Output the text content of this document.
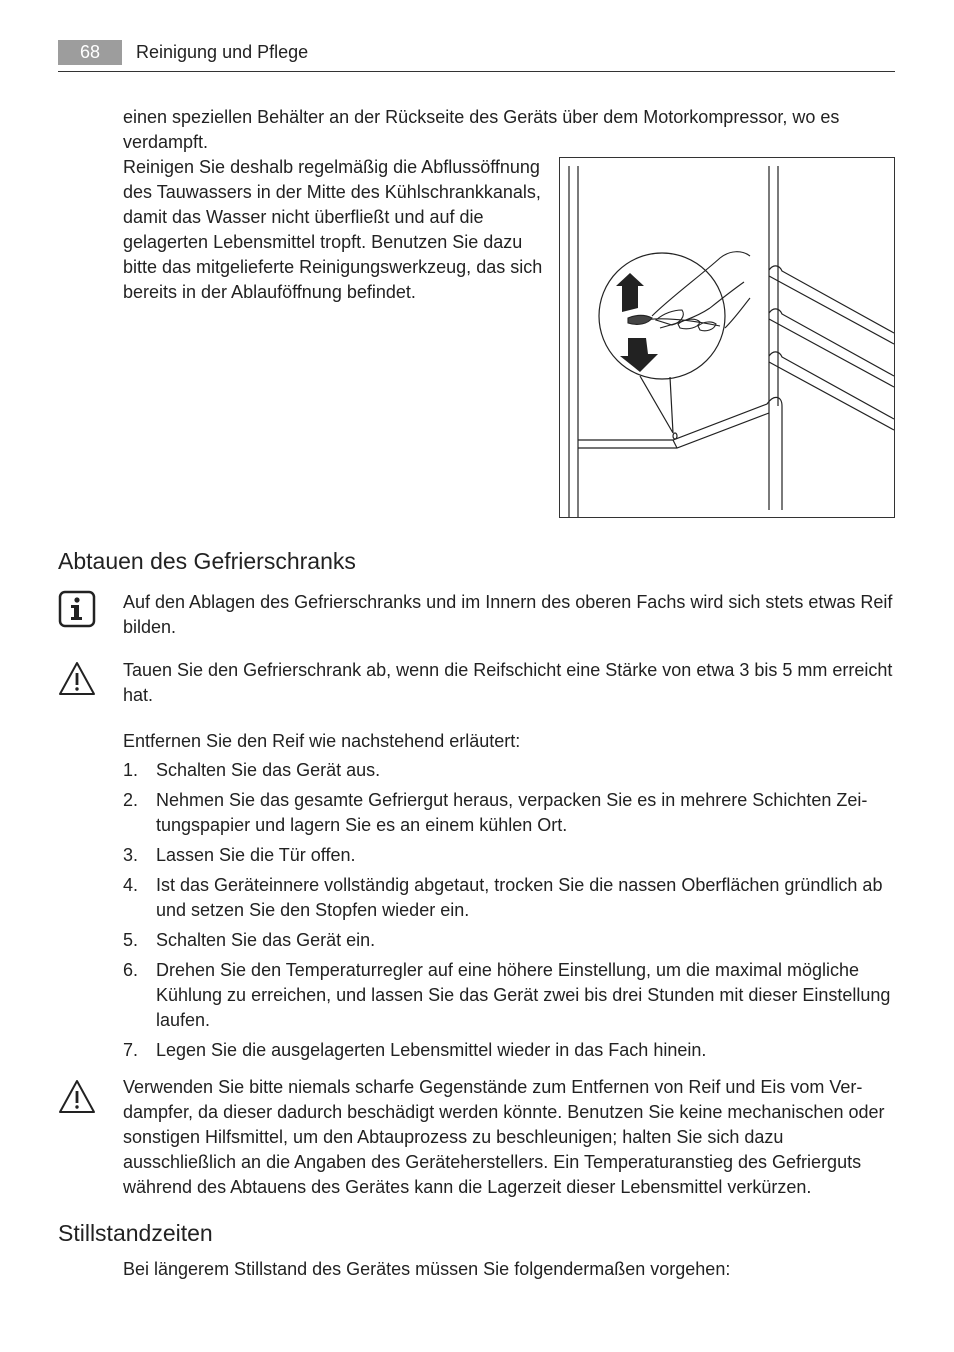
68	Reinigung und Pflege
einen speziellen Behälter an der Rückseite des Geräts über dem Motorkompressor, wo es verdampft.
Reinigen Sie deshalb regelmäßig die Abflussöffnung des Tauwassers in der Mitte des Kühlschrankkanals, damit das Wasser nicht überfließt und auf die gelagerten Lebensmittel tropft. Benutzen Sie dazu bitte das mitgelieferte Reinigungswerkzeug, das sich bereits in der Ablauföffnung befindet.
Abtauen des Gefrierschranks
Auf den Ablagen des Gefrierschranks und im Innern des oberen Fachs wird sich stets etwas Reif bilden.
Tauen Sie den Gefrierschrank ab, wenn die Reifschicht eine Stärke von etwa 3 bis 5 mm erreicht hat.
Entfernen Sie den Reif wie nachstehend erläutert:
1. Schalten Sie das Gerät aus.
2. Nehmen Sie das gesamte Gefriergut heraus, verpacken Sie es in mehrere Schichten Zeitungspapier und lagern Sie es an einem kühlen Ort.
3. Lassen Sie die Tür offen.
4. Ist das Geräteinnere vollständig abgetaut, trocken Sie die nassen Oberflächen gründlich ab und setzen Sie den Stopfen wieder ein.
5. Schalten Sie das Gerät ein.
6. Drehen Sie den Temperaturregler auf eine höhere Einstellung, um die maximal mögliche Kühlung zu erreichen, und lassen Sie das Gerät zwei bis drei Stunden mit dieser Einstellung laufen.
7. Legen Sie die ausgelagerten Lebensmittel wieder in das Fach hinein.
Verwenden Sie bitte niemals scharfe Gegenstände zum Entfernen von Reif und Eis vom Verdampfer, da dieser dadurch beschädigt werden könnte. Benutzen Sie keine mechanischen oder sonstigen Hilfsmittel, um den Abtauprozess zu beschleunigen; halten Sie sich dazu ausschließlich an die Angaben des Geräteherstellers. Ein Temperaturanstieg des Gefrierguts während des Abtauens des Gerätes kann die Lagerzeit dieser Lebensmittel verkürzen.
Stillstandzeiten
Bei längerem Stillstand des Gerätes müssen Sie folgendermaßen vorgehen:
